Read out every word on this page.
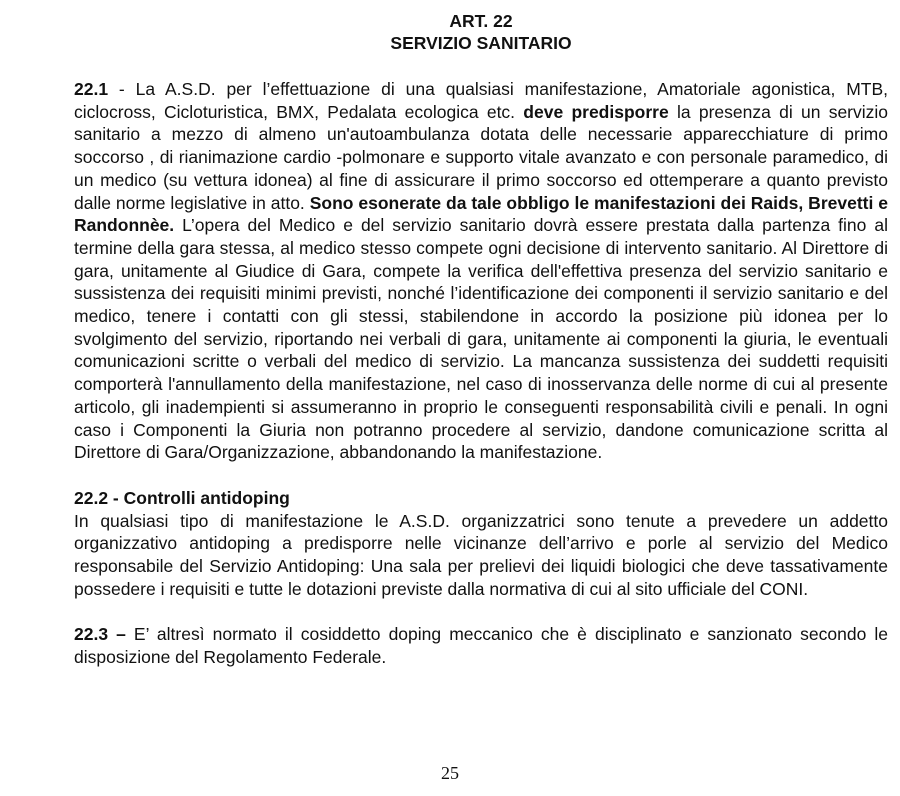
ART. 22

SERVIZIO SANITARIO

22.1 - La A.S.D. per l’effettuazione di una qualsiasi manifestazione, Amatoriale agonistica, MTB, ciclocross, Cicloturistica, BMX, Pedalata ecologica etc. deve predisporre la presenza di un servizio sanitario a mezzo di almeno un'autoambulanza dotata delle necessarie apparecchiature di primo soccorso , di rianimazione cardio -polmonare e supporto vitale avanzato e con personale paramedico, di un medico (su vettura idonea) al fine di assicurare il primo soccorso ed ottemperare a quanto previsto dalle norme legislative in atto. Sono esonerate da tale obbligo le manifestazioni dei Raids, Brevetti e Randonnèe. L’opera del Medico e del servizio sanitario dovrà essere prestata dalla partenza fino al termine della gara stessa, al medico stesso compete ogni decisione di intervento sanitario. Al Direttore di gara, unitamente al Giudice di Gara, compete la verifica dell'effettiva presenza del servizio sanitario e sussistenza dei requisiti minimi previsti, nonché l’identificazione dei componenti il servizio sanitario e del medico, tenere i contatti con gli stessi, stabilendone in accordo la posizione più idonea per lo svolgimento del servizio, riportando nei verbali di gara, unitamente ai componenti la giuria, le eventuali comunicazioni scritte o verbali del medico di servizio. La mancanza sussistenza dei suddetti requisiti comporterà l'annullamento della manifestazione, nel caso di inosservanza delle norme di cui al presente articolo, gli inadempienti si assumeranno in proprio le conseguenti responsabilità civili e penali. In ogni caso i Componenti la Giuria non potranno procedere al servizio, dandone comunicazione scritta al Direttore di Gara/Organizzazione, abbandonando la manifestazione.

22.2 - Controlli antidoping

In qualsiasi tipo di manifestazione le A.S.D. organizzatrici sono tenute a prevedere un addetto organizzativo antidoping a predisporre nelle vicinanze dell’arrivo e porle al servizio del Medico responsabile del Servizio Antidoping: Una sala per prelievi dei liquidi biologici che deve tassativamente possedere i requisiti e tutte le dotazioni previste dalla normativa di cui al sito ufficiale del CONI.

22.3 – E’ altresì normato il cosiddetto doping meccanico che è disciplinato e sanzionato secondo le disposizione del Regolamento Federale.

25
